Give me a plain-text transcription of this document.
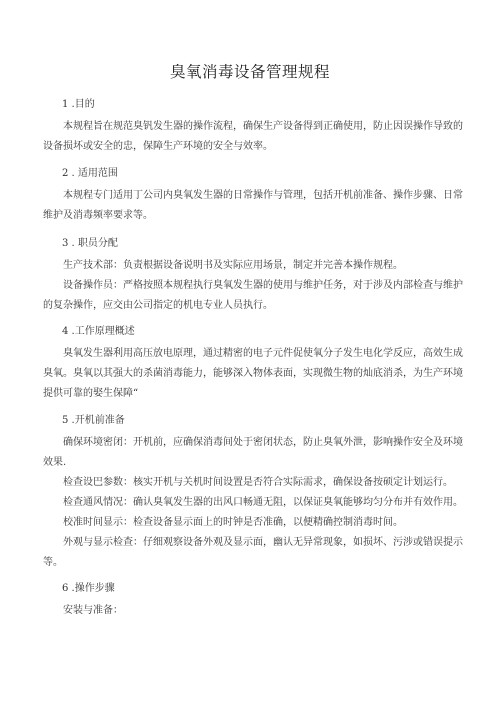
臭氧消毒设备管理规程
1 .目的
本规程旨在规范臭钒发生器的操作流程，确保生产设备得到正确使用，防止因误操作导致的设备损坏或安全的忠，保障生产环境的安全与效率。
2 . 适用范围
本规程专门适用丁公司内臭氧发生器的日常操作与管理，包括开机前准备、操作步骤、日常维护及消毒频率要求等。
3 . 职员分配
生产技术部：负责根据设备说明书及实际应用场景，制定并完善本操作规程。
设备操作员：严格按照本规程执行臭氧发生器的使用与维护任务，对于涉及内部检查与维护的复杂操作，应交由公司指定的机电专业人员执行。
4 .工作原理概述
臭氧发生器利用高压放电原理，通过精密的电子元件促使氧分子发生电化学反应，高效生成臭氧。臭氧以其强大的杀菌消毒能力，能够深入物体表面，实现微生物的灿底消杀，为生产环境提供可靠的娶生保障“
5 .开机前准备
确保环境密闭：开机前，应确保消毒间处于密闭状态，防止臭氧外泄，影响操作安全及环境效果.
检查设巴参数：核实开机与关机时间设置是否符合实际需求，确保设备按硕定计划运行。
检查通风情况：确认臭氧发生器的出风口畅通无阻，以保证臭氧能够均匀分布并有效作用。
校准时间显示：检查设备显示面上的时钟是否准确，以便精确控制消毒时间。
外观与显示检查：仔细观察设备外观及显示面，幽认无异常现象，如损坏、污涉或错误提示等。
6 .操作步骤
安装与准备：
